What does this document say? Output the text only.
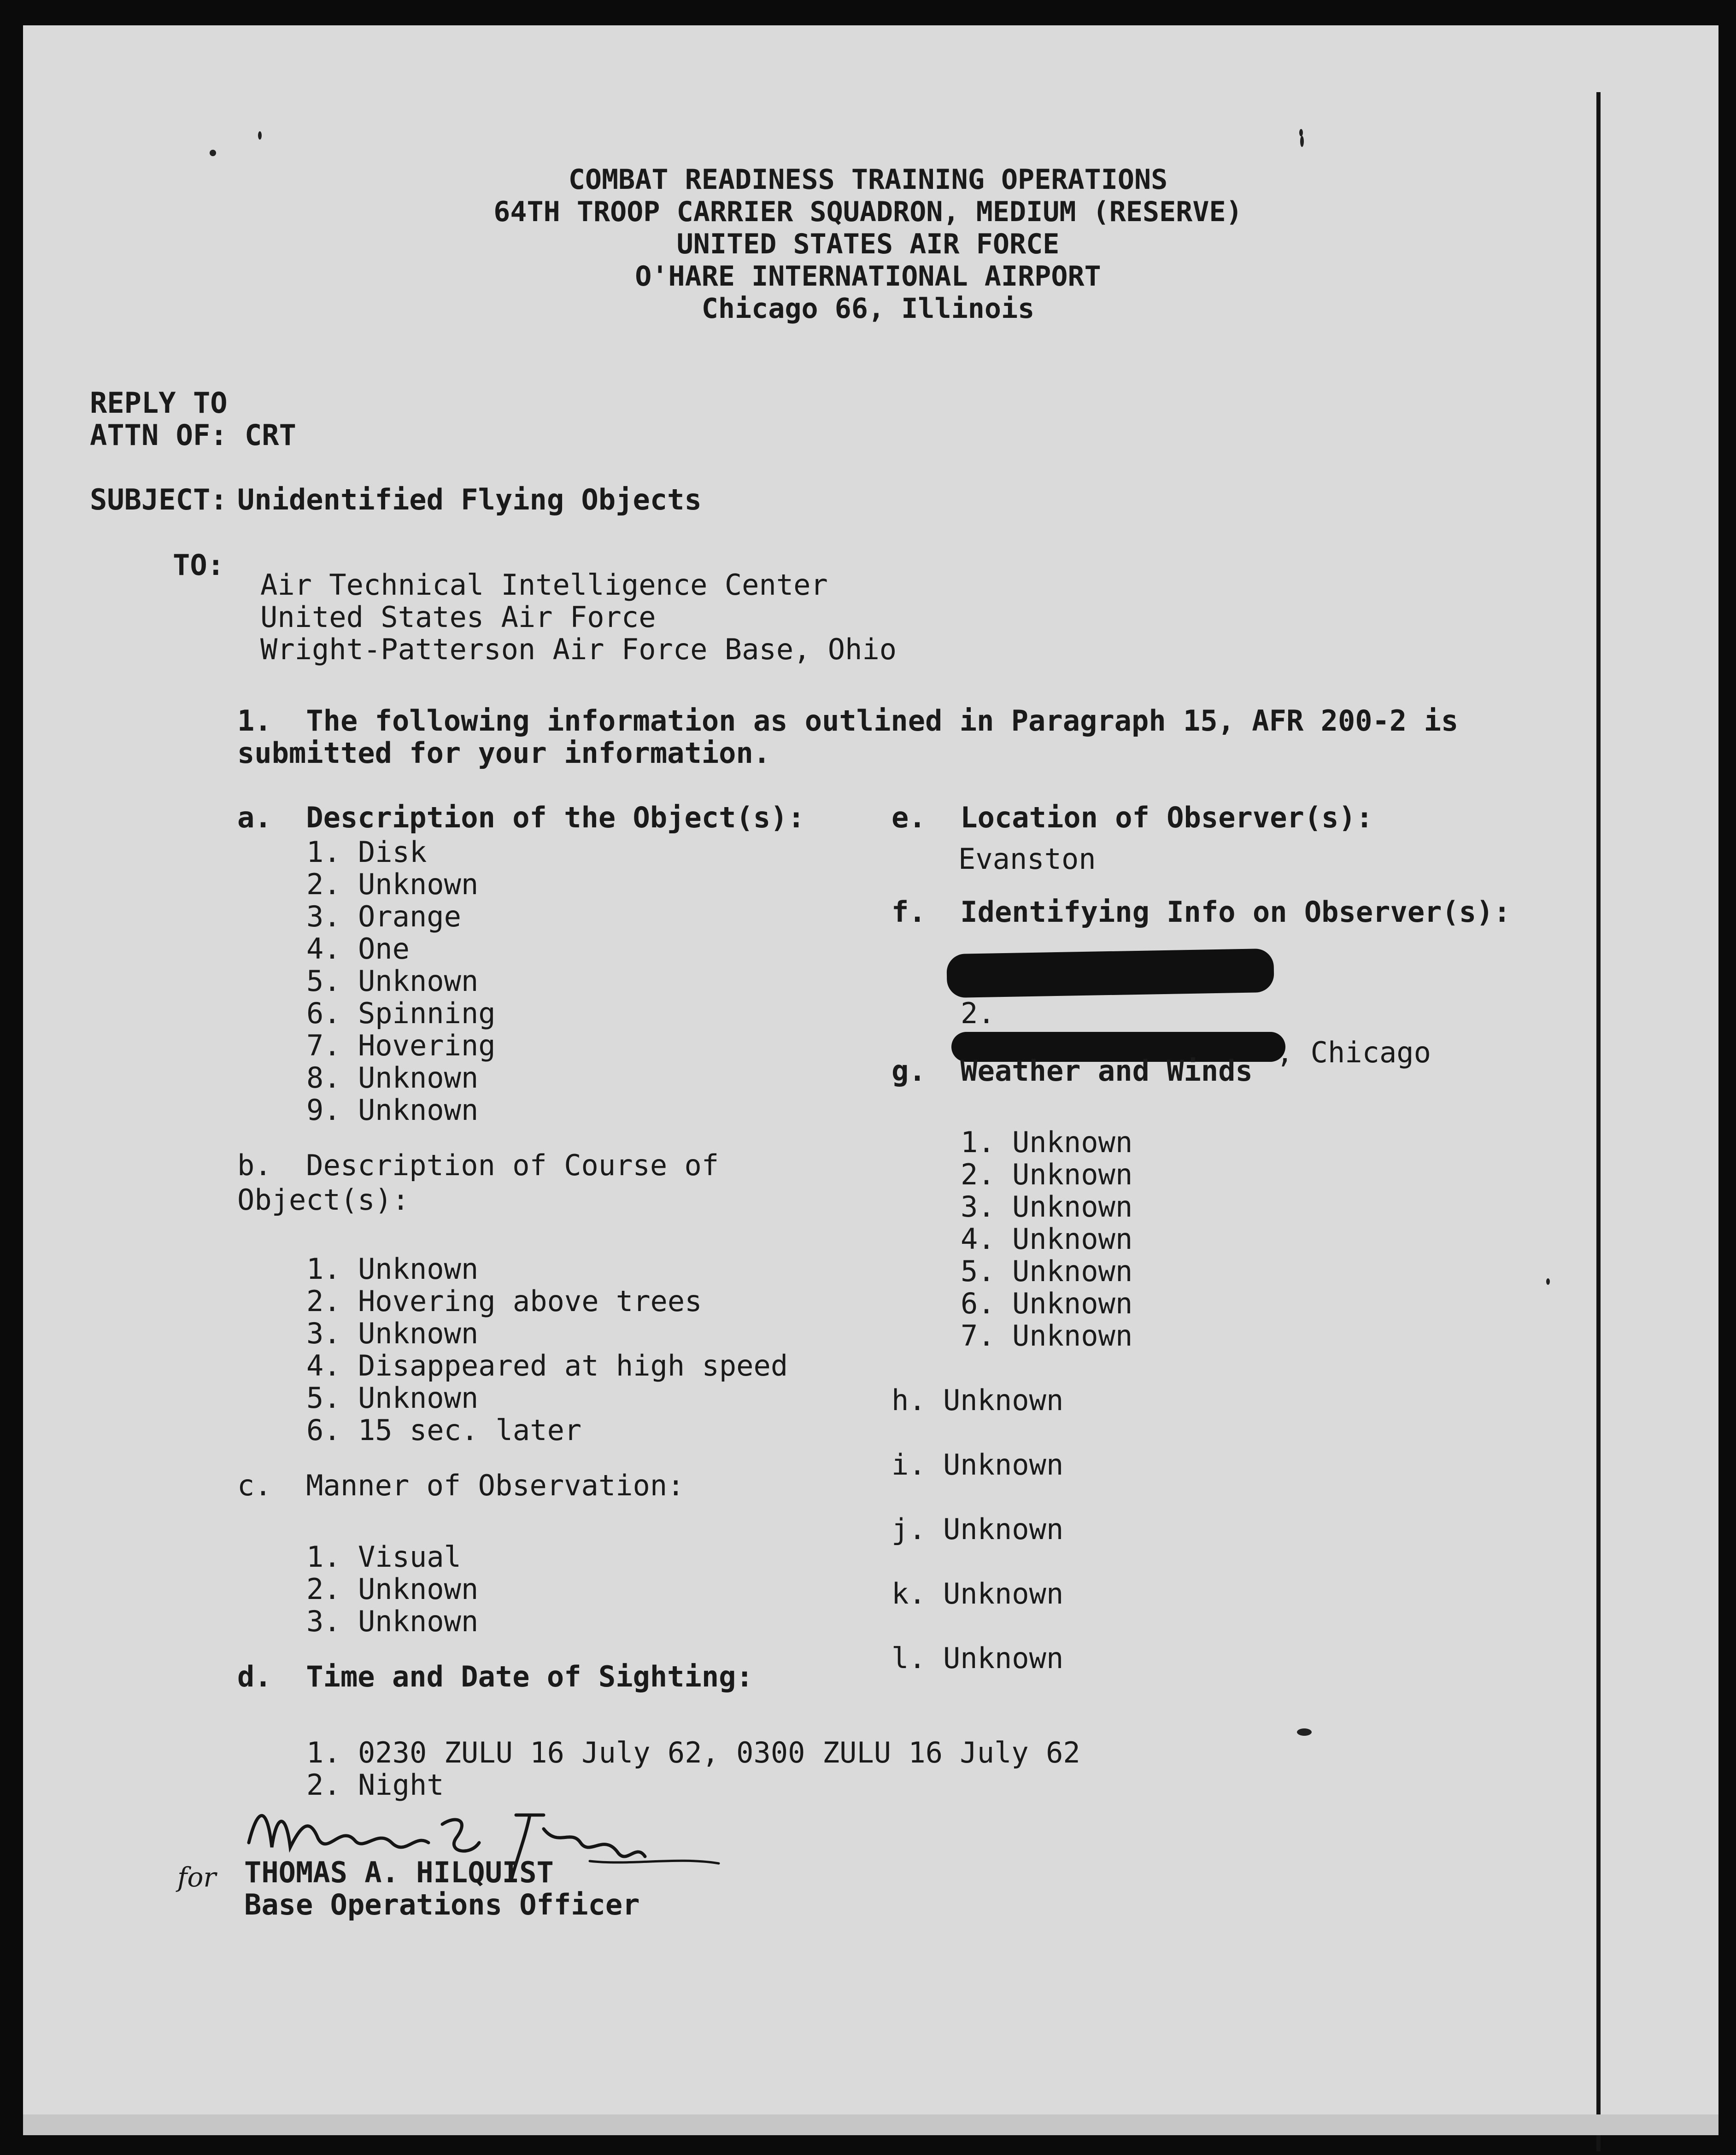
COMBAT READINESS TRAINING OPERATIONS
64TH TROOP CARRIER SQUADRON, MEDIUM (RESERVE)
UNITED STATES AIR FORCE
O'HARE INTERNATIONAL AIRPORT
Chicago 66, Illinois
REPLY TO
ATTN OF: CRT
SUBJECT: Unidentified Flying Objects
TO:
Air Technical Intelligence Center
United States Air Force
Wright-Patterson Air Force Base, Ohio
1.  The following information as outlined in Paragraph 15, AFR 200-2 is
submitted for your information.
a.  Description of the Object(s):
1. Disk
2. Unknown
3. Orange
4. One
5. Unknown
6. Spinning
7. Hovering
8. Unknown
9. Unknown
b.  Description of Course of
Object(s):
1. Unknown
2. Hovering above trees
3. Unknown
4. Disappeared at high speed
5. Unknown
6. 15 sec. later
c.  Manner of Observation:
1. Visual
2. Unknown
3. Unknown
d.  Time and Date of Sighting:
1. 0230 ZULU 16 July 62, 0300 ZULU 16 July 62
2. Night
e.  Location of Observer(s):
Evanston
f.  Identifying Info on Observer(s):
2.
, Chicago
g.  Weather and Winds
1. Unknown
2. Unknown
3. Unknown
4. Unknown
5. Unknown
6. Unknown
7. Unknown
h. Unknown
i. Unknown
j. Unknown
k. Unknown
l. Unknown
for THOMAS A. HILQUIST
Base Operations Officer
